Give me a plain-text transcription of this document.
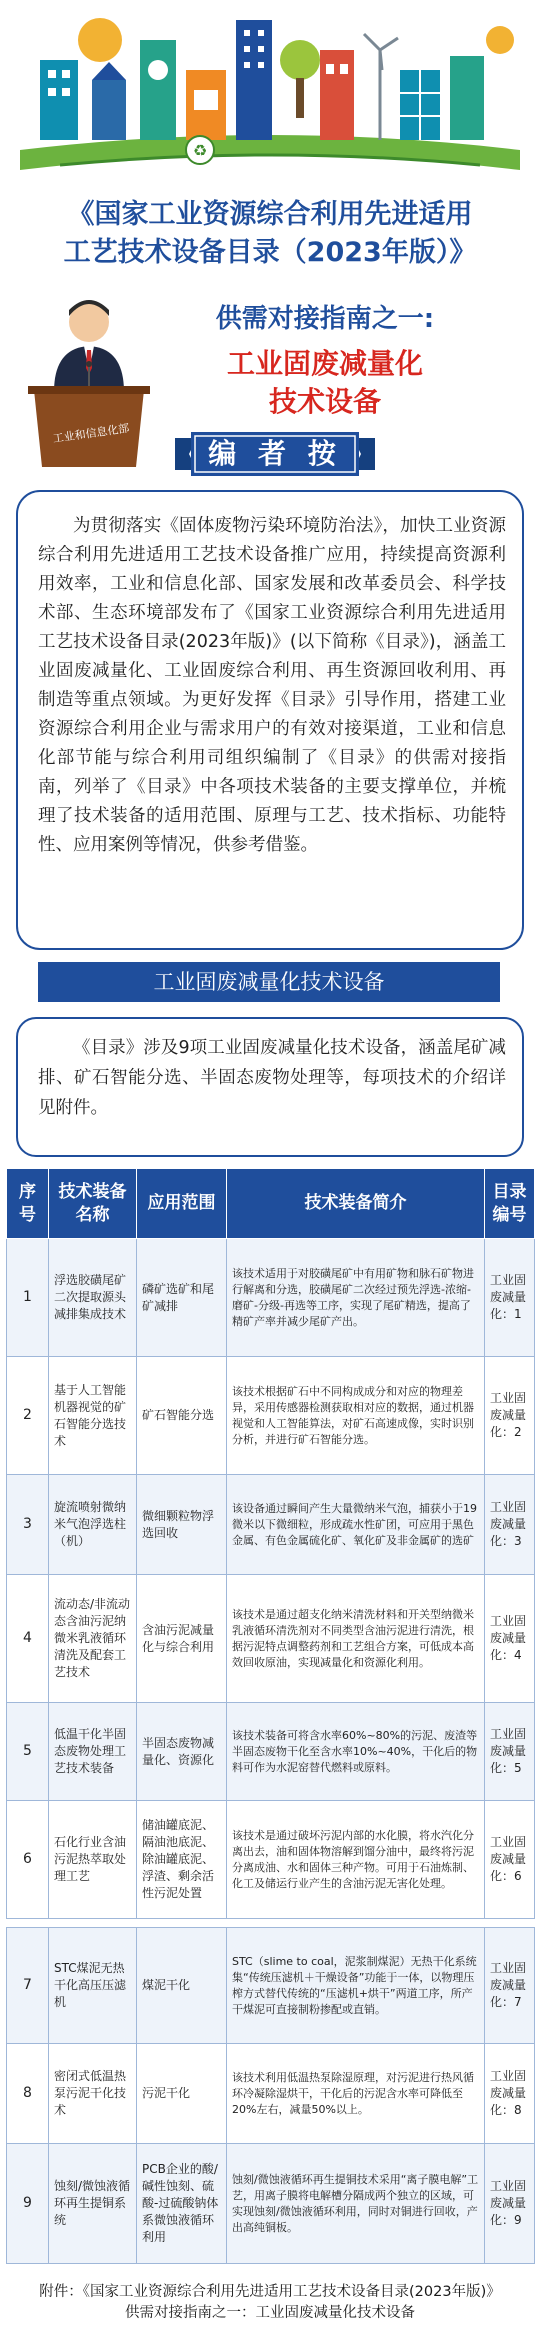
♻
《国家工业资源综合利用先进适用
工艺技术设备目录（2023年版）》
工业和信息化部
供需对接指南之一:
工业固废减量化
技术设备
编 者 按

为贯彻落实《固体废物污染环境防治法》，加快工业资源综合利用先进适用工艺技术设备推广应用，持续提高资源利用效率，工业和信息化部、国家发展和改革委员会、科学技术部、生态环境部发布了《国家工业资源综合利用先进适用工艺技术设备目录(2023年版)》(以下简称《目录》)，涵盖工业固废减量化、工业固废综合利用、再生资源回收利用、再制造等重点领域。为更好发挥《目录》引导作用，搭建工业资源综合利用企业与需求用户的有效对接渠道，工业和信息化部节能与综合利用司组织编制了《目录》的供需对接指南，列举了《目录》中各项技术装备的主要支撑单位，并梳理了技术装备的适用范围、原理与工艺、技术指标、功能特性、应用案例等情况，供参考借鉴。

工业固废减量化技术设备

《目录》涉及9项工业固废减量化技术设备，涵盖尾矿减排、矿石智能分选、半固态废物处理等，每项技术的介绍详见附件。

序号	技术装备名称	应用范围	技术装备简介	目录编号
1	浮选胶磺尾矿二次提取源头减排集成技术	磷矿选矿和尾矿减排	该技术适用于对胶磺尾矿中有用矿物和脉石矿物进行解离和分选，胶磺尾矿二次经过预先浮选-浓缩-磨矿-分级-再选等工序，实现了尾矿精选，提高了精矿产率并减少尾矿产出。	工业固废减量化：1
2	基于人工智能机器视觉的矿石智能分选技术	矿石智能分选	该技术根据矿石中不同构成成分和对应的物理差异，采用传感器检测获取相对应的数据，通过机器视觉和人工智能算法，对矿石高速成像，实时识别分析，并进行矿石智能分选。	工业固废减量化：2
3	旋流喷射微纳米气泡浮选柱（机）	微细颗粒物浮选回收	该设备通过瞬间产生大量微纳米气泡，捕获小于19微米以下微细粒，形成疏水性矿团，可应用于黑色金属、有色金属硫化矿、氧化矿及非金属矿的选矿	工业固废减量化：3
4	流动态/非流动态含油污泥纳微米乳液循环清洗及配套工艺技术	含油污泥减量化与综合利用	该技术是通过超支化纳米清洗材料和开关型纳微米乳液循环清洗剂对不同类型含油污泥进行清洗，根据污泥特点调整药剂和工艺组合方案，可低成本高效回收原油，实现减量化和资源化利用。	工业固废减量化：4
5	低温干化半固态废物处理工艺技术装备	半固态废物减量化、资源化	该技术装备可将含水率60%~80%的污泥、废渣等半固态废物干化至含水率10%~40%，干化后的物料可作为水泥窑替代燃料或原料。	工业固废减量化：5
6	石化行业含油污泥热萃取处理工艺	储油罐底泥、隔油池底泥、除油罐底泥、浮渣、剩余活性污泥处置	该技术是通过破坏污泥内部的水化膜，将水汽化分离出去，油和固体物溶解到馏分油中，最终将污泥分离成油、水和固体三种产物。可用于石油炼制、化工及储运行业产生的含油污泥无害化处理。	工业固废减量化：6
7	STC煤泥无热干化高压压滤机	煤泥干化	STC（slime to coal，泥浆制煤泥）无热干化系统集“传统压滤机＋干燥设备”功能于一体，以物理压榨方式替代传统的“压滤机+烘干”两道工序，所产干煤泥可直接制粉掺配或直销。	工业固废减量化：7
8	密闭式低温热泵污泥干化技术	污泥干化	该技术利用低温热泵除湿原理，对污泥进行热风循环冷凝除湿烘干，干化后的污泥含水率可降低至20%左右，减量50%以上。	工业固废减量化：8
9	蚀刻/微蚀液循环再生提铜系统	PCB企业的酸/碱性蚀刻、硫酸-过硫酸钠体系微蚀液循环利用	蚀刻/微蚀液循环再生提铜技术采用“离子膜电解”工艺，用离子膜将电解槽分隔成两个独立的区域，可实现蚀刻/微蚀液循环利用，同时对铜进行回收，产出高纯铜板。	工业固废减量化：9
附件：《国家工业资源综合利用先进适用工艺技术设备目录(2023年版)》
供需对接指南之一：工业固废减量化技术设备
